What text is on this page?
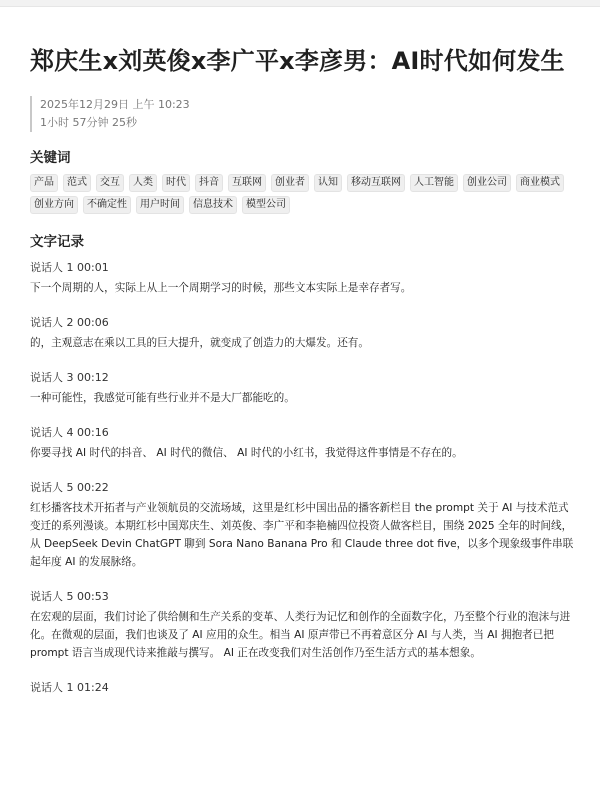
郑庆生x刘英俊x李广平x李彦男：AI时代如何发生
2025年12月29日 上午 10:23
1小时 57分钟 25秒
关键词
产品	范式	交互	人类	时代	抖音	互联网	创业者	认知	移动互联网	人工智能	创业公司	商业模式
创业方向	不确定性	用户时间	信息技术	模型公司
文字记录
说话人 1 00:01
下一个周期的人，实际上从上一个周期学习的时候，那些文本实际上是幸存者写。
说话人 2 00:06
的，主观意志在乘以工具的巨大提升，就变成了创造力的大爆发。还有。
说话人 3 00:12
一种可能性，我感觉可能有些行业并不是大厂都能吃的。
说话人 4 00:16
你要寻找 AI 时代的抖音、 AI 时代的微信、 AI 时代的小红书，我觉得这件事情是不存在的。
说话人 5 00:22
红杉播客技术开拓者与产业领航员的交流场域，这里是红杉中国出品的播客新栏目 the prompt 关于 AI 与技术范式变迁的系列漫谈。本期红杉中国郑庆生、刘英俊、李广平和李艳楠四位投资人做客栏目，围绕 2025 全年的时间线，从 DeepSeek Devin ChatGPT 聊到 Sora Nano Banana Pro 和 Claude three dot five，以多个现象级事件串联起年度 AI 的发展脉络。
说话人 5 00:53
在宏观的层面，我们讨论了供给侧和生产关系的变革、人类行为记忆和创作的全面数字化，乃至整个行业的泡沫与进化。在微观的层面，我们也谈及了 AI 应用的众生。相当 AI 原声带已不再着意区分 AI 与人类，当 AI 拥抱者已把 prompt 语言当成现代诗来推敲与撰写。 AI 正在改变我们对生活创作乃至生活方式的基本想象。
说话人 1 01:24
